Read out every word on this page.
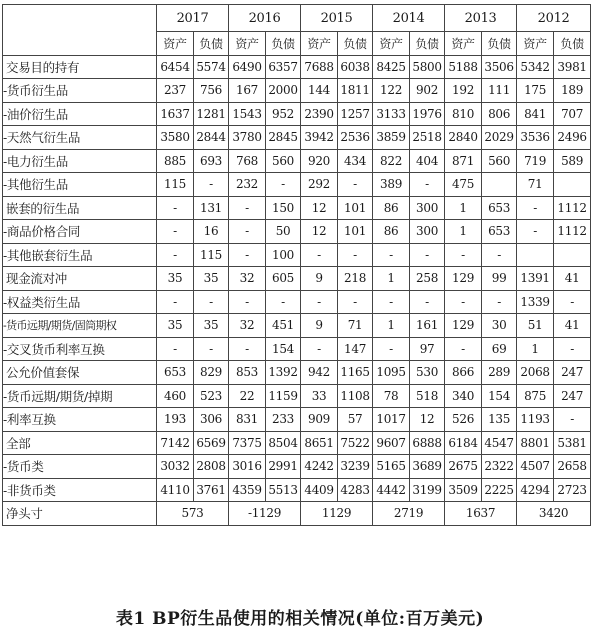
	2017		2016		2015		2014		2013		2012	
	资产	负债	资产	负债	资产	负债	资产	负债	资产	负债	资产	负债
交易目的持有	6454	5574	6490	6357	7688	6038	8425	5800	5188	3506	5342	3981
-货币衍生品	237	756	167	2000	144	1811	122	902	192	111	175	189
-油价衍生品	1637	1281	1543	952	2390	1257	3133	1976	810	806	841	707
-天然气衍生品	3580	2844	3780	2845	3942	2536	3859	2518	2840	2029	3536	2496
-电力衍生品	885	693	768	560	920	434	822	404	871	560	719	589
-其他衍生品	115	-	232	-	292	-	389	-	475		71	
嵌套的衍生品	-	131	-	150	12	101	86	300	1	653	-	1112
-商品价格合同	-	16	-	50	12	101	86	300	1	653	-	1112
-其他嵌套衍生品	-	115	-	100	-	-	-	-	-	-		
现金流对冲	35	35	32	605	9	218	1	258	129	99	1391	41
-权益类衍生品	-	-	-	-	-	-	-	-	-	-	1339	-
-货币远期/期货/固筒期权	35	35	32	451	9	71	1	161	129	30	51	41
-交叉货币利率互换	-	-	-	154	-	147	-	97	-	69	1	-
公允价值套保	653	829	853	1392	942	1165	1095	530	866	289	2068	247
-货币远期/期货/掉期	460	523	22	1159	33	1108	78	518	340	154	875	247
-利率互换	193	306	831	233	909	57	1017	12	526	135	1193	-
全部	7142	6569	7375	8504	8651	7522	9607	6888	6184	4547	8801	5381
-货币类	3032	2808	3016	2991	4242	3239	5165	3689	2675	2322	4507	2658
-非货币类	4110	3761	4359	5513	4409	4283	4442	3199	3509	2225	4294	2723
净头寸	573		-1129		1129		2719		1637		3420	
表1 BP衍生品使用的相关情况(单位:百万美元)
